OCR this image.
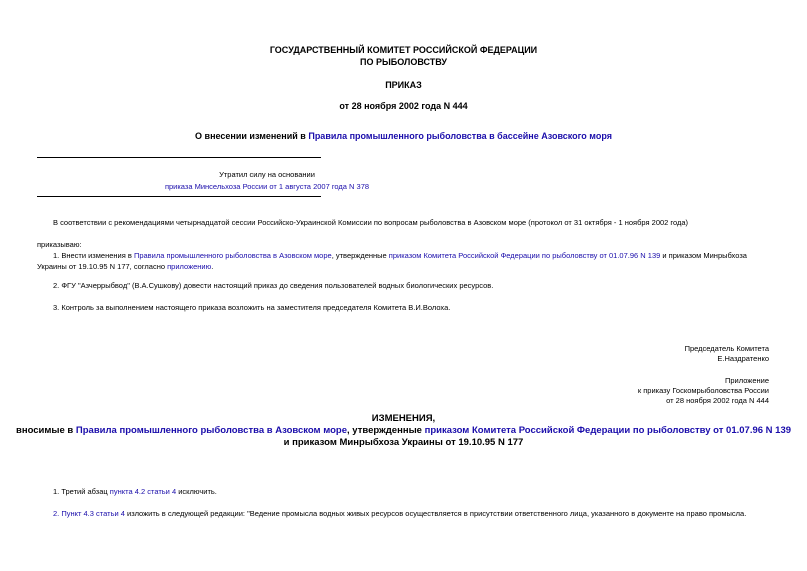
ГОСУДАРСТВЕННЫЙ КОМИТЕТ РОССИЙСКОЙ ФЕДЕРАЦИИ
ПО РЫБОЛОВСТВУ
ПРИКАЗ
от 28 ноября 2002 года N 444
О внесении изменений в Правила промышленного рыболовства в бассейне Азовского моря
Утратил силу на основании
приказа Минсельхоза России от 1 августа 2007 года N 378
В соответствии с рекомендациями четырнадцатой сессии Российско-Украинской Комиссии по вопросам рыболовства в Азовском море (протокол от 31 октября - 1 ноября 2002 года)
приказываю:
1. Внести изменения в Правила промышленного рыболовства в Азовском море, утвержденные приказом Комитета Российской Федерации по рыболовству от 01.07.96 N 139 и приказом Минрыбхоза Украины от 19.10.95 N 177, согласно приложению.
2. ФГУ "Азчеррыбвод" (В.А.Сушкову) довести настоящий приказ до сведения пользователей водных биологических ресурсов.
3. Контроль за выполнением настоящего приказа возложить на заместителя председателя Комитета В.И.Волоха.
Председатель Комитета
Е.Наздратенко
Приложение
к приказу Госкомрыболовства России
от 28 ноября 2002 года N 444
ИЗМЕНЕНИЯ,
вносимые в Правила промышленного рыболовства в Азовском море, утвержденные приказом Комитета Российской Федерации по рыболовству от 01.07.96 N 139
и приказом Минрыбхоза Украины от 19.10.95 N 177
1. Третий абзац пункта 4.2 статьи 4 исключить.
2. Пункт 4.3 статьи 4 изложить в следующей редакции: "Ведение промысла водных живых ресурсов осуществляется в присутствии ответственного лица, указанного в документе на право промысла.
